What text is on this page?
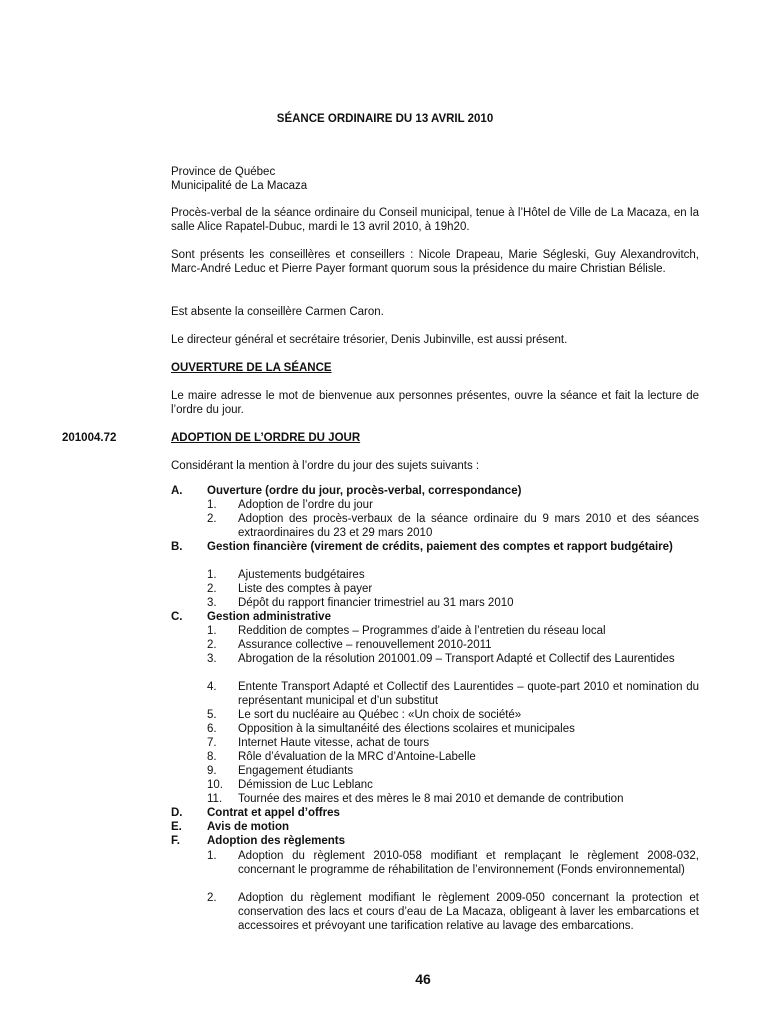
SÉANCE ORDINAIRE DU 13 AVRIL 2010
Province de Québec
Municipalité de La Macaza
Procès-verbal de la séance ordinaire du Conseil municipal, tenue à l’Hôtel de Ville de La Macaza, en la salle Alice Rapatel-Dubuc, mardi le 13 avril 2010, à 19h20.
Sont présents les conseillères et conseillers : Nicole Drapeau, Marie Ségleski, Guy Alexandrovitch, Marc-André Leduc et Pierre Payer formant quorum sous la présidence du maire Christian Bélisle.
Est absente la conseillère Carmen Caron.
Le directeur général et secrétaire trésorier, Denis Jubinville, est aussi présent.
OUVERTURE DE LA SÉANCE
Le maire adresse le mot de bienvenue aux personnes présentes, ouvre la séance et fait la lecture de l’ordre du jour.
201004.72	ADOPTION DE L’ORDRE DU JOUR
Considérant la mention à l’ordre du jour des sujets suivants :
A. Ouverture (ordre du jour, procès-verbal, correspondance)
1. Adoption de l’ordre du jour
2. Adoption des procès-verbaux de la séance ordinaire du 9 mars 2010 et des séances extraordinaires du 23 et 29 mars 2010
B. Gestion financière (virement de crédits, paiement des comptes et rapport budgétaire)
1. Ajustements budgétaires
2. Liste des comptes à payer
3. Dépôt du rapport financier trimestriel au 31 mars 2010
C. Gestion administrative
1. Reddition de comptes – Programmes d’aide à l’entretien du réseau local
2. Assurance collective – renouvellement 2010-2011
3. Abrogation de la résolution 201001.09 – Transport Adapté et Collectif des Laurentides
4. Entente Transport Adapté et Collectif des Laurentides – quote-part 2010 et nomination du représentant municipal et d’un substitut
5. Le sort du nucléaire au Québec : «Un choix de société»
6. Opposition à la simultanéité des élections scolaires et municipales
7. Internet Haute vitesse, achat de tours
8. Rôle d’évaluation de la MRC d’Antoine-Labelle
9. Engagement étudiants
10. Démission de Luc Leblanc
11. Tournée des maires et des mères le 8 mai 2010 et demande de contribution
D. Contrat et appel d’offres
E. Avis de motion
F. Adoption des règlements
1. Adoption du règlement 2010-058 modifiant et remplaçant le règlement 2008-032, concernant le programme de réhabilitation de l’environnement (Fonds environnemental)
2. Adoption du règlement modifiant le règlement 2009-050 concernant la protection et conservation des lacs et cours d’eau de La Macaza, obligeant à laver les embarcations et accessoires et prévoyant une tarification relative au lavage des embarcations.
46
